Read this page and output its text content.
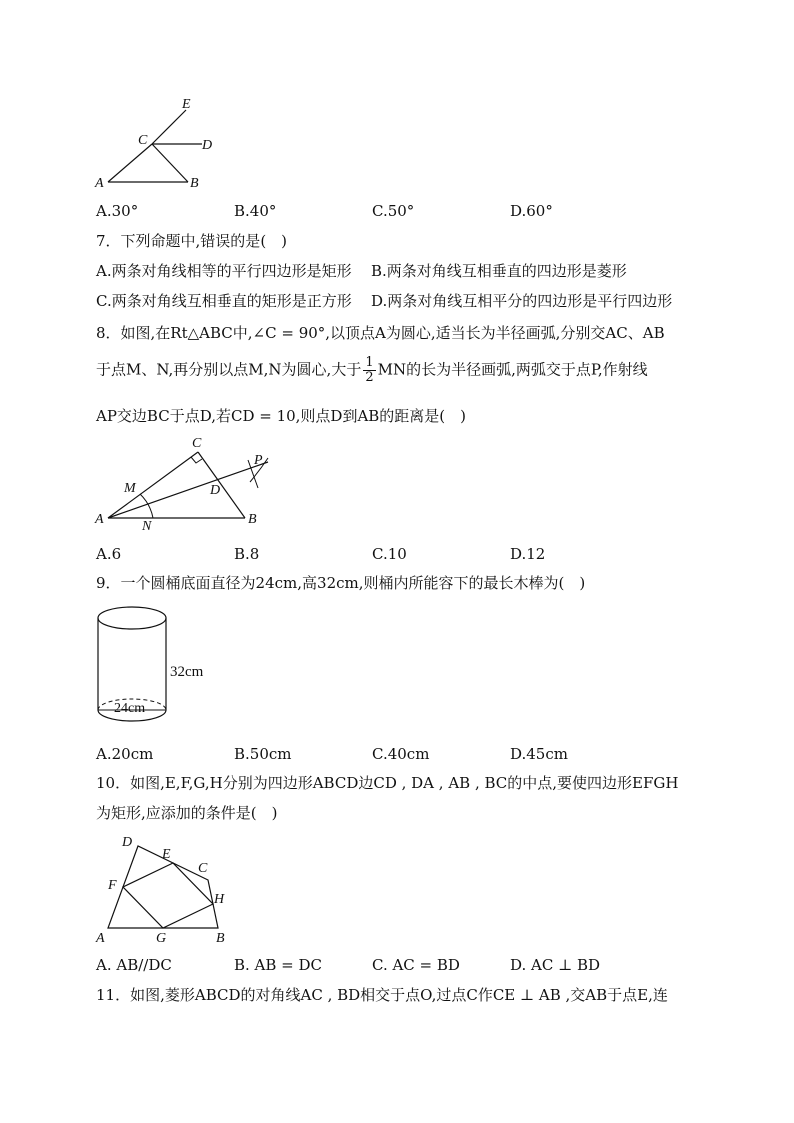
E
C	D
A	B
A.30°	B.40°	C.50°	D.60°
7．下列命题中,错误的是(　)
A.两条对角线相等的平行四边形是矩形 B.两条对角线互相垂直的四边形是菱形
C.两条对角线互相垂直的矩形是正方形 D.两条对角线互相平分的四边形是平行四边形
8．如图,在Rt△ABC中,∠C = 90°,以顶点A为圆心,适当长为半径画弧,分别交AC、AB
于点M、N,再分别以点M,N为圆心,大于 $\frac{1}{2}$ MN的长为半径画弧,两弧交于点P,作射线
AP交边BC于点D,若CD = 10,则点D到AB的距离是(　)
C
P
M	D
A	N	B
A.6	B.8	C.10	D.12
9．一个圆桶底面直径为24cm,高32cm,则桶内所能容下的最长木棒为(　)
32cm
24cm
A.20cm	B.50cm	C.40cm	D.45cm
10．如图,E,F,G,H分别为四边形ABCD边CD , DA , AB , BC的中点,要使四边形EFGH
为矩形,应添加的条件是(　)
D
E
C
F
H
A	G	B
A. AB//DC	B. AB = DC	C. AC = BD	D. AC ⊥ BD
11．如图,菱形ABCD的对角线AC , BD相交于点O,过点C作CE ⊥ AB ,交AB于点E,连
